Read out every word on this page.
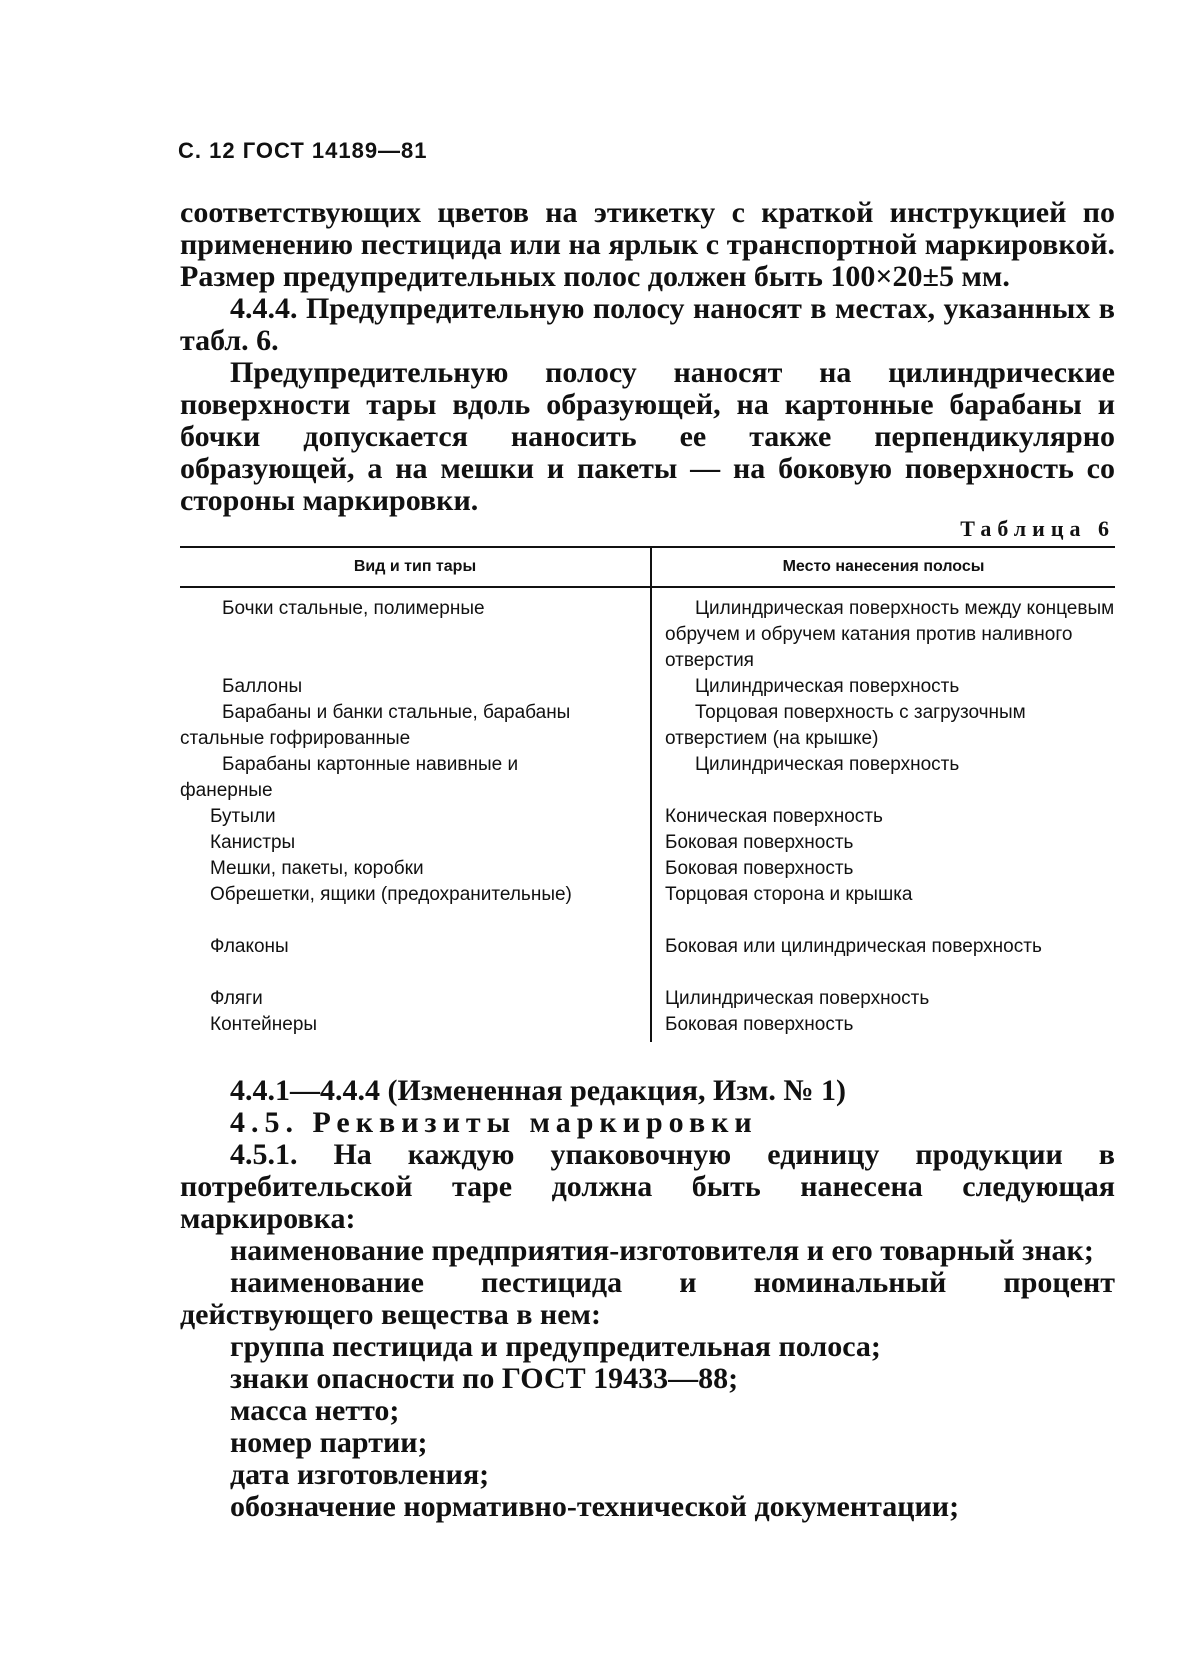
С. 12 ГОСТ 14189—81

соответствующих цветов на этикетку с краткой инструкцией по применению пестицида или на ярлык с транспортной маркировкой. Размер предупредительных полос должен быть 100×20±5 мм.

4.4.4. Предупредительную полосу наносят в местах, указанных в табл. 6.

Предупредительную полосу наносят на цилиндрические поверхности тары вдоль образующей, на картонные барабаны и бочки допускается наносить ее также перпендикулярно образующей, а на мешки и пакеты — на боковую поверхность со стороны маркировки.

Таблица 6
Вид и тип тары	Место нанесения полосы

Бочки стальные, полимерные

Баллоны

Барабаны и банки стальные, барабаны стальные гофрированные

Барабаны картонные навивные и фанерные

Бутыли

Канистры

Мешки, пакеты, коробки

Обрешетки, ящики (предохранительные)

Флаконы

Фляги

Контейнеры

Цилиндрическая поверхность между концевым обручем и обручем катания против наливного отверстия

Цилиндрическая поверхность

Торцовая поверхность с загрузочным отверстием (на крышке)

Цилиндрическая поверхность

Коническая поверхность

Боковая поверхность

Боковая поверхность

Торцовая сторона и крышка

Боковая или цилиндрическая поверхность

Цилиндрическая поверхность

Боковая поверхность

4.4.1—4.4.4 (Измененная редакция, Изм. № 1)

4.5. Реквизиты маркировки

4.5.1. На каждую упаковочную единицу продукции в потребительской таре должна быть нанесена следующая маркировка:

наименование предприятия-изготовителя и его товарный знак;

наименование пестицида и номинальный процент действующего вещества в нем:

группа пестицида и предупредительная полоса;

знаки опасности по ГОСТ 19433—88;

масса нетто;

номер партии;

дата изготовления;

обозначение нормативно-технической документации;
